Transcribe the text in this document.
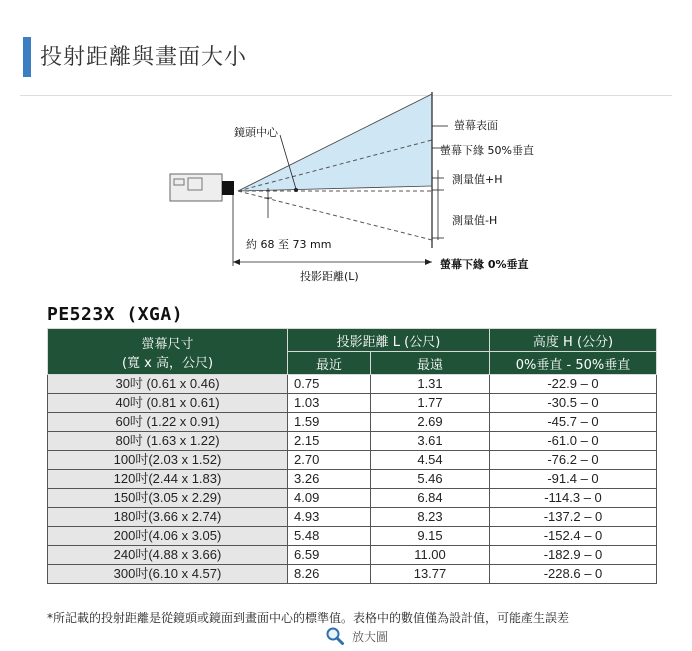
投射距離與畫面大小
鏡頭中心
螢幕表面
螢幕下緣 50%垂直
測量值+H
測量值-H
約 68 至 73 mm
投影距離(L)
螢幕下緣 0%垂直
PE523X (XGA)
螢幕尺寸
(寬 x 高，公尺)	投影距離 L (公尺)		高度 H (公分)
	最近	最遠	0%垂直 - 50%垂直
30吋 (0.61 x 0.46)	0.75	1.31	-22.9 – 0
40吋 (0.81 x 0.61)	1.03	1.77	-30.5 – 0
60吋 (1.22 x 0.91)	1.59	2.69	-45.7 – 0
80吋 (1.63 x 1.22)	2.15	3.61	-61.0 – 0
100吋(2.03 x 1.52)	2.70	4.54	-76.2 – 0
120吋(2.44 x 1.83)	3.26	5.46	-91.4 – 0
150吋(3.05 x 2.29)	4.09	6.84	-114.3 – 0
180吋(3.66 x 2.74)	4.93	8.23	-137.2 – 0
200吋(4.06 x 3.05)	5.48	9.15	-152.4 – 0
240吋(4.88 x 3.66)	6.59	11.00	-182.9 – 0
300吋(6.10 x 4.57)	8.26	13.77	-228.6 – 0
*所記載的投射距離是從鏡頭或鏡面到畫面中心的標準值。表格中的數值僅為設計值，可能產生誤差
放大圖
